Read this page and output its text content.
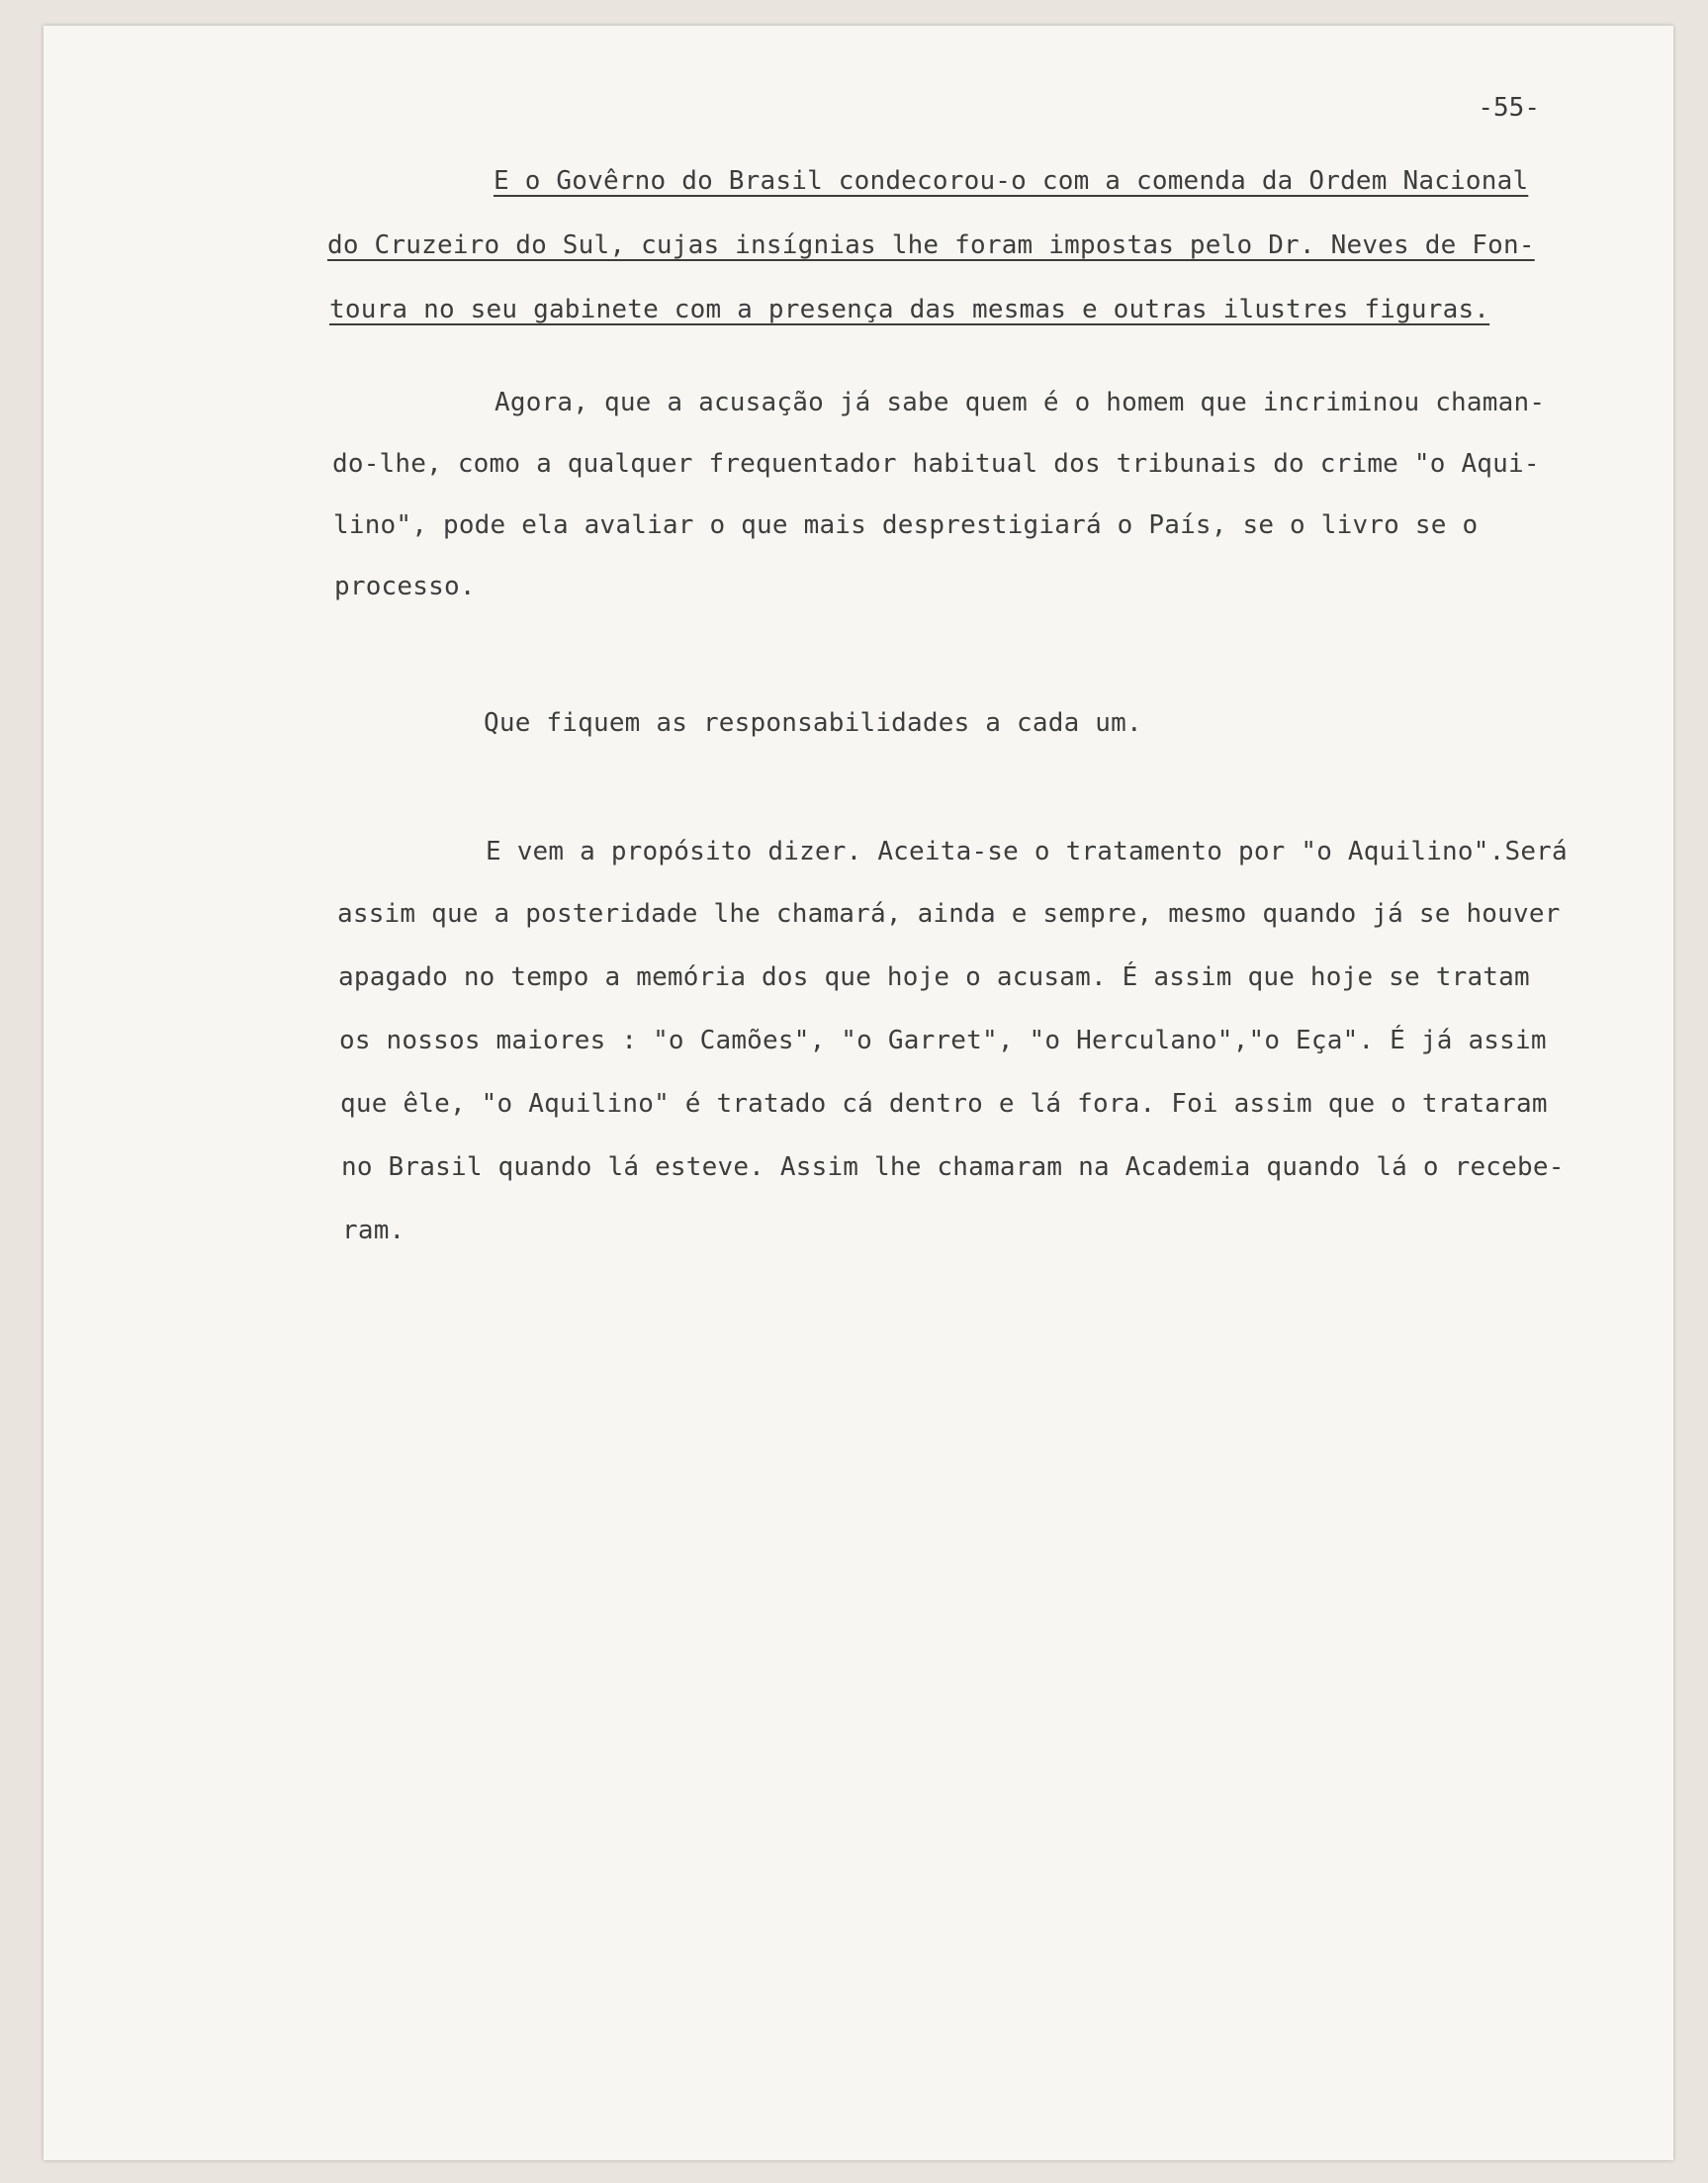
-55-
E o Govêrno do Brasil condecorou-o com a comenda da Ordem Nacional
do Cruzeiro do Sul, cujas insígnias lhe foram impostas pelo Dr. Neves de Fon-
toura no seu gabinete com a presença das mesmas e outras ilustres figuras.
Agora, que a acusação já sabe quem é o homem que incriminou chaman-
do-lhe, como a qualquer frequentador habitual dos tribunais do crime "o Aqui-
lino", pode ela avaliar o que mais desprestigiará o País, se o livro se o
processo.
Que fiquem as responsabilidades a cada um.
E vem a propósito dizer. Aceita-se o tratamento por "o Aquilino".Será
assim que a posteridade lhe chamará, ainda e sempre, mesmo quando já se houver
apagado no tempo a memória dos que hoje o acusam. É assim que hoje se tratam
os nossos maiores : "o Camões", "o Garret", "o Herculano","o Eça". É já assim
que êle, "o Aquilino" é tratado cá dentro e lá fora. Foi assim que o trataram
no Brasil quando lá esteve. Assim lhe chamaram na Academia quando lá o recebe-
ram.
